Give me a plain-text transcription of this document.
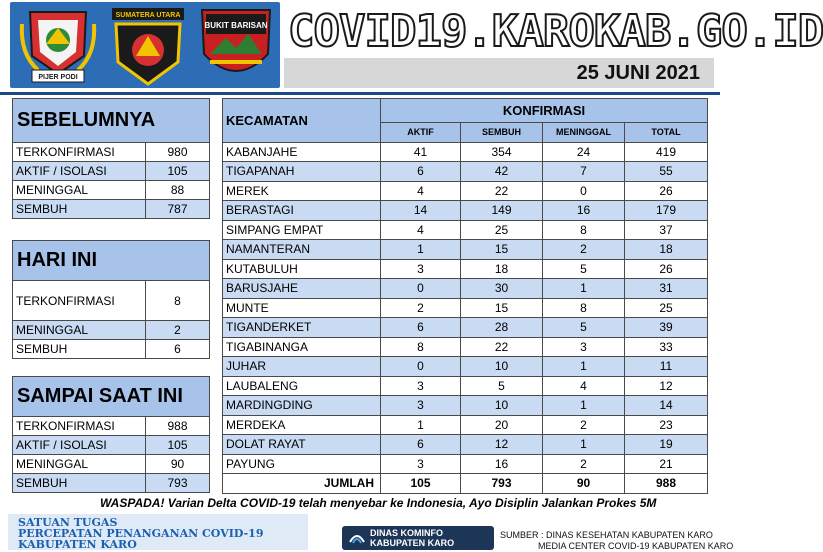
PIJER PODI
SUMATERA UTARA
BUKIT BARISAN COVID19.KAROKAB.GO.ID
25 JUNI 2021
SEBELUMNYA	
TERKONFIRMASI	980
AKTIF / ISOLASI	105
MENINGGAL	88
SEMBUH	787
HARI INI	
TERKONFIRMASI	8
MENINGGAL	2
SEMBUH	6
SAMPAI SAAT INI	
TERKONFIRMASI	988
AKTIF / ISOLASI	105
MENINGGAL	90
SEMBUH	793
KECAMATAN	KONFIRMASI			
	AKTIF	SEMBUH	MENINGGAL	TOTAL
KABANJAHE	41	354	24	419
TIGAPANAH	6	42	7	55
MEREK	4	22	0	26
BERASTAGI	14	149	16	179
SIMPANG EMPAT	4	25	8	37
NAMANTERAN	1	15	2	18
KUTABULUH	3	18	5	26
BARUSJAHE	0	30	1	31
MUNTE	2	15	8	25
TIGANDERKET	6	28	5	39
TIGABINANGA	8	22	3	33
JUHAR	0	10	1	11
LAUBALENG	3	5	4	12
MARDINGDING	3	10	1	14
MERDEKA	1	20	2	23
DOLAT RAYAT	6	12	1	19
PAYUNG	3	16	2	21
JUMLAH	105	793	90	988
WASPADA! Varian Delta COVID-19 telah menyebar ke Indonesia, Ayo Disiplin Jalankan Prokes 5M
SATUAN TUGAS
PERCEPATAN PENANGANAN COVID-19
KABUPATEN KARO
DINAS KOMINFO
KABUPATEN KARO
SUMBER : DINAS KESEHATAN KABUPATEN KARO
MEDIA CENTER COVID-19 KABUPATEN KARO
